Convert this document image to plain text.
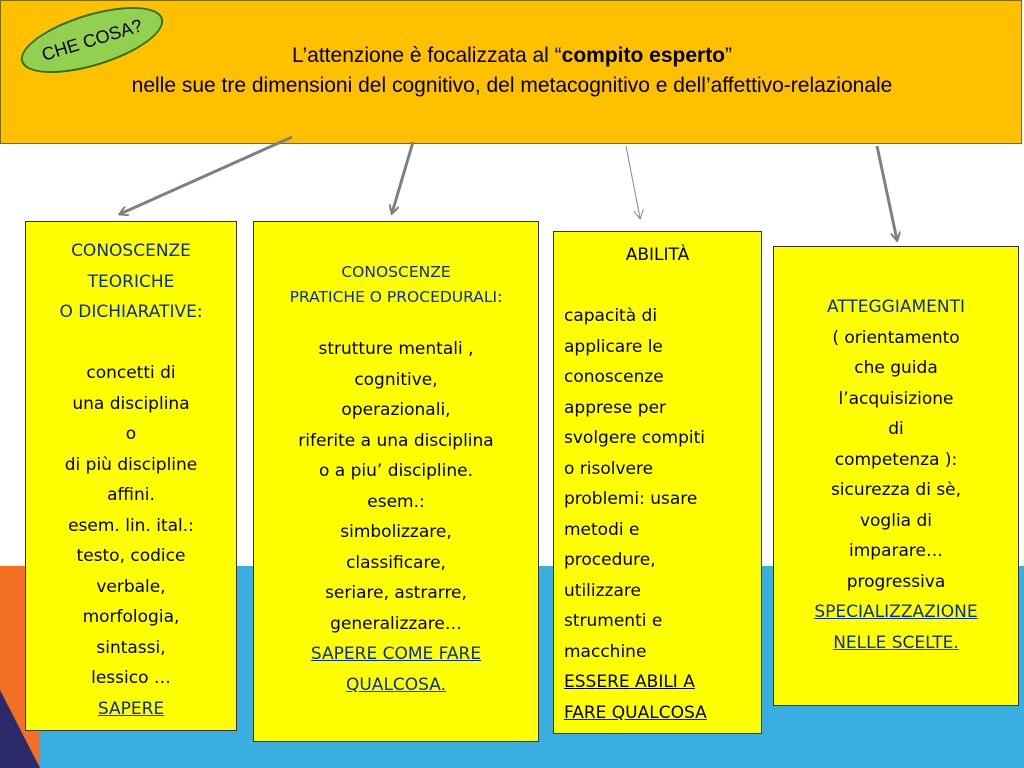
L’attenzione è focalizzata al “compito esperto”
nelle sue tre dimensioni del cognitivo, del metacognitivo e dell’affettivo-relazionale
CHE COSA?

CONOSCENZE

TEORICHE

O DICHIARATIVE:

concetti di

una disciplina

o

di più discipline

affini.

esem. lin. ital.:

testo, codice

verbale,

morfologia,

sintassi,

lessico …

SAPERE

CONOSCENZE

PRATICHE O PROCEDURALI:

strutture mentali ,

cognitive,

operazionali,

riferite a una disciplina

o a piu’ discipline.

esem.:

simbolizzare,

classificare,

seriare, astrarre,

generalizzare…

SAPERE COME FARE

QUALCOSA.

ABILITÀ

capacità di

applicare le

conoscenze

apprese per

svolgere compiti

o risolvere

problemi: usare

metodi e

procedure,

utilizzare

strumenti e

macchine

ESSERE ABILI A

FARE QUALCOSA

ATTEGGIAMENTI

( orientamento

che guida

l’acquisizione

di

competenza ):

sicurezza di sè,

voglia di

imparare…

progressiva

SPECIALIZZAZIONE

NELLE SCELTE.
